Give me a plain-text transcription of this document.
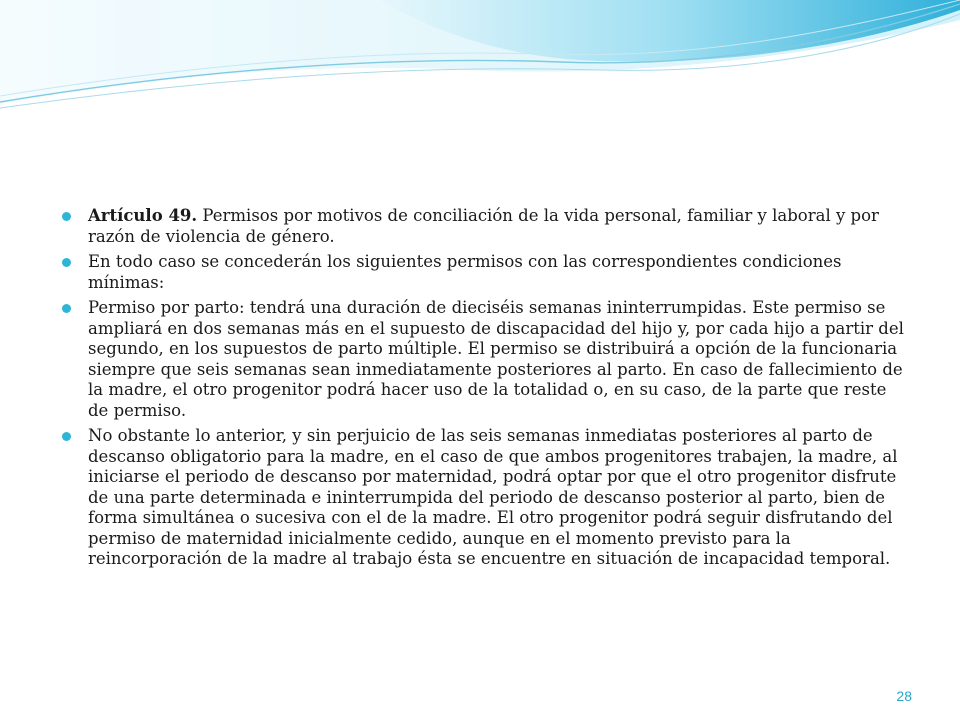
Artículo 49. Permisos por motivos de conciliación de la vida personal, familiar y laboral y por razón de violencia de género.
En todo caso se concederán los siguientes permisos con las correspondientes condiciones mínimas:
Permiso por parto: tendrá una duración de dieciséis semanas ininterrumpidas. Este permiso se ampliará en dos semanas más en el supuesto de discapacidad del hijo y, por cada hijo a partir del segundo, en los supuestos de parto múltiple. El permiso se distribuirá a opción de la funcionaria siempre que seis semanas sean inmediatamente posteriores al parto. En caso de fallecimiento de la madre, el otro progenitor podrá hacer uso de la totalidad o, en su caso, de la parte que reste de permiso.
No obstante lo anterior, y sin perjuicio de las seis semanas inmediatas posteriores al parto de descanso obligatorio para la madre, en el caso de que ambos progenitores trabajen, la madre, al iniciarse el periodo de descanso por maternidad, podrá optar por que el otro progenitor disfrute de una parte determinada e ininterrumpida del periodo de descanso posterior al parto, bien de forma simultánea o sucesiva con el de la madre. El otro progenitor podrá seguir disfrutando del permiso de maternidad inicialmente cedido, aunque en el momento previsto para la reincorporación de la madre al trabajo ésta se encuentre en situación de incapacidad temporal.
28
